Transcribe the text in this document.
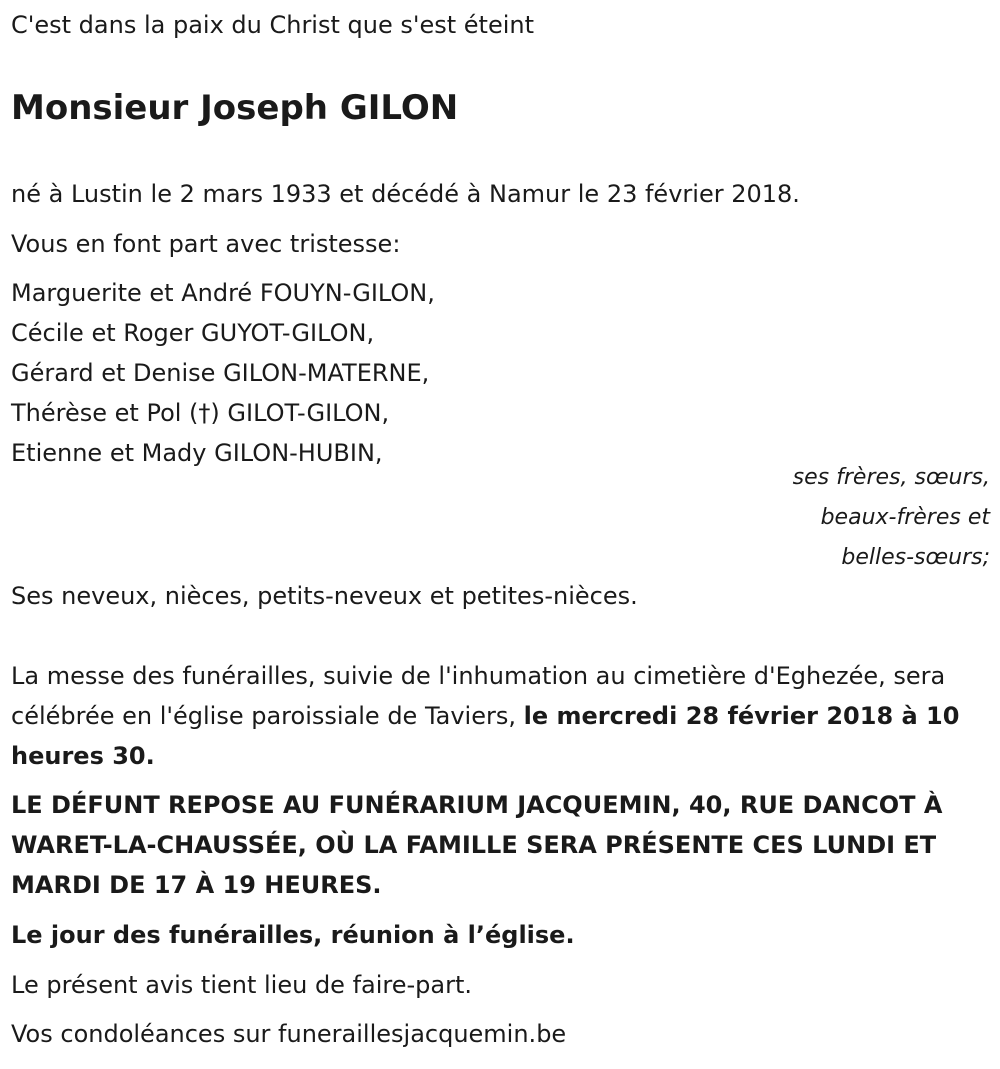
C'est dans la paix du Christ que s'est éteint
Monsieur Joseph GILON
né à Lustin le 2 mars 1933 et décédé à Namur le 23 février 2018.
Vous en font part avec tristesse:
Marguerite et André FOUYN-GILON,
Cécile et Roger GUYOT-GILON,
Gérard et Denise GILON-MATERNE,
Thérèse et Pol (†) GILOT-GILON,
Etienne et Mady GILON-HUBIN,
ses frères, sœurs,
beaux-frères et
belles-sœurs;
Ses neveux, nièces, petits-neveux et petites-nièces.
La messe des funérailles, suivie de l'inhumation au cimetière d'Eghezée, sera célébrée en l'église paroissiale de Taviers, le mercredi 28 février 2018 à 10 heures 30.
LE DÉFUNT REPOSE AU FUNÉRARIUM JACQUEMIN, 40, RUE DANCOT À WARET-LA-CHAUSSÉE, OÙ LA FAMILLE SERA PRÉSENTE CES LUNDI ET MARDI DE 17 À 19 HEURES.
Le jour des funérailles, réunion à l’église.
Le présent avis tient lieu de faire-part.
Vos condoléances sur funeraillesjacquemin.be
